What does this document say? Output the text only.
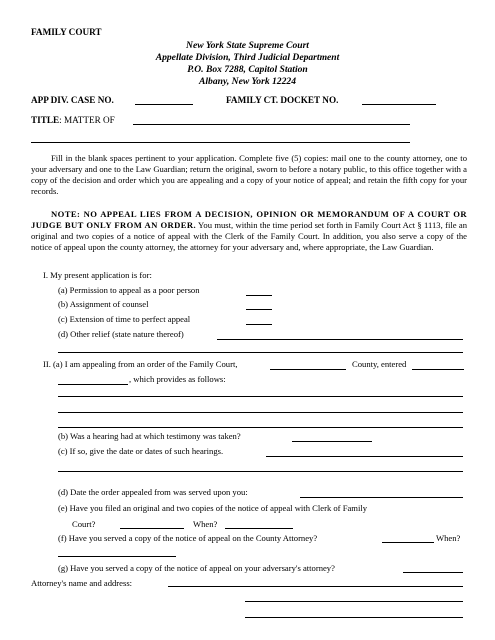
FAMILY COURT
New York State Supreme Court
Appellate Division, Third Judicial Department
P.O. Box 7288, Capitol Station
Albany, New York 12224
APP DIV. CASE NO.	FAMILY CT. DOCKET NO.
TITLE: MATTER OF
Fill in the blank spaces pertinent to your application. Complete five (5) copies: mail one to the county attorney, one to your adversary and one to the Law Guardian; return the original, sworn to before a notary public, to this office together with a copy of the decision and order which you are appealing and a copy of your notice of appeal; and retain the fifth copy for your records.
NOTE: NO APPEAL LIES FROM A DECISION, OPINION OR MEMORANDUM OF A COURT OR JUDGE BUT ONLY FROM AN ORDER. You must, within the time period set forth in Family Court Act § 1113, file an original and two copies of a notice of appeal with the Clerk of the Family Court. In addition, you also serve a copy of the notice of appeal upon the county attorney, the attorney for your adversary and, where appropriate, the Law Guardian.
I. My present application is for:
(a) Permission to appeal as a poor person
(b) Assignment of counsel
(c) Extension of time to perfect appeal
(d) Other relief (state nature thereof)
II. (a) I am appealing from an order of the Family Court,	County, entered
, which provides as follows:
(b) Was a hearing had at which testimony was taken?
(c) If so, give the date or dates of such hearings.
(d) Date the order appealed from was served upon you:
(e) Have you filed an original and two copies of the notice of appeal with Clerk of Family
Court?	When?
(f) Have you served a copy of the notice of appeal on the County Attorney?	When?
(g) Have you served a copy of the notice of appeal on your adversary's attorney?
Attorney's name and address:
